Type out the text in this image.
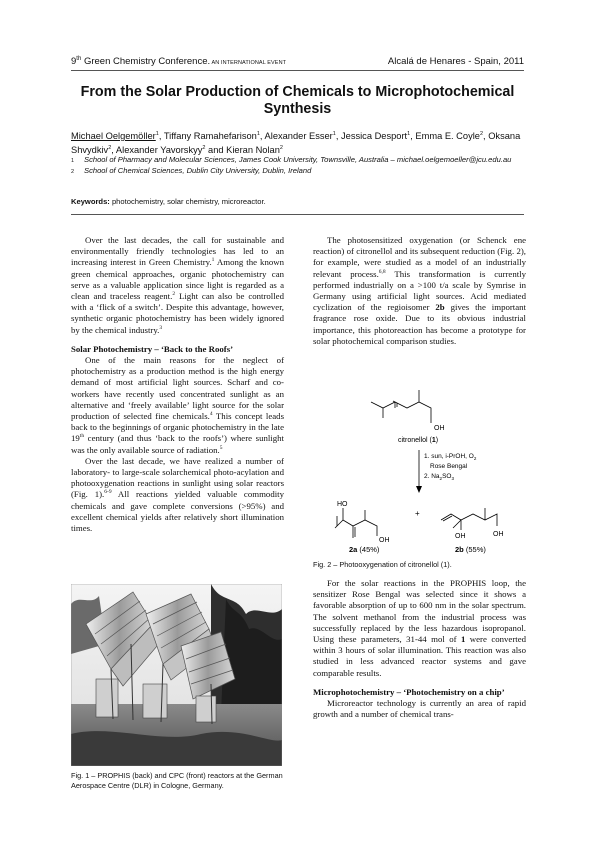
9th Green Chemistry Conference. AN INTERNATIONAL EVENT	Alcalá de Henares - Spain, 2011
From the Solar Production of Chemicals to Microphotochemical Synthesis
Michael Oelgemöller$^1$, Tiffany Ramahefarison$^1$, Alexander Esser$^1$, Jessica Desport$^1$, Emma E. Coyle$^2$, Oksana Shvydkiv$^2$, Alexander Yavorskyy$^2$ and Kieran Nolan$^2$
1 School of Pharmacy and Molecular Sciences, James Cook University, Townsville, Australia – michael.oelgemoeller@jcu.edu.au
2 School of Chemical Sciences, Dublin City University, Dublin, Ireland
Keywords: photochemistry, solar chemistry, microreactor.

Over the last decades, the call for sustainable and environmentally friendly technologies has led to an increasing interest in Green Chemistry.$^1$ Among the known green chemical approaches, organic photochemistry can serve as a valuable application since light is regarded as a clean and traceless reagent.$^2$ Light can also be controlled with a ‘flick of a switch’. Despite this advantage, however, synthetic organic photochemistry has been widely ignored by the chemical industry.$^3$

Solar Photochemistry – ‘Back to the Roofs’

One of the main reasons for the neglect of photochemistry as a production method is the high energy demand of most artificial light sources. Scharf and co-workers have recently used concentrated sunlight as an alternative and ‘freely available’ light source for the solar production of selected fine chemicals.$^4$ This concept leads back to the beginnings of organic photochemistry in the late 19th century (and thus ‘back to the roofs’) where sunlight was the only available source of radiation.$^5$

Over the last decade, we have realized a number of laboratory- to large-scale solarchemical photo-acylation and photooxygenation reactions in sunlight using solar reactors (Fig. 1).$^{6-9}$ All reactions yielded valuable commodity chemicals and gave complete conversions (>95%) and excellent chemical yields after relatively short illumination times.

Fig. 1 – PROPHIS (back) and CPC (front) reactors at the German Aerospace Centre (DLR) in Cologne, Germany.

The photosensitized oxygenation (or Schenck ene reaction) of citronellol and its subsequent reduction (Fig. 2), for example, were studied as a model of an industrially relevant process.$^{6,8}$ This transformation is currently performed industrially on a >100 t/a scale by Symrise in Germany using artificial light sources. Acid mediated cyclization of the regioisomer 2b gives the important fragrance rose oxide. Due to its obvious industrial importance, this photoreaction has become a prototype for solar photochemical comparison studies.

OH
citronellol (1)
1. sun, i-PrOH, $O_2$
Rose Bengal
2. $Na_2SO_3$
HO
OH
+
OH	OH
2a (45%)	2b (55%)
Fig. 2 – Photooxygenation of citronellol (1).

For the solar reactions in the PROPHIS loop, the sensitizer Rose Bengal was selected since it shows a favorable absorption of up to 600 nm in the solar spectrum. The solvent methanol from the industrial process was successfully replaced by the less hazardous isopropanol. Using these parameters, 31-44 mol of 1 were converted within 3 hours of solar illumination. This reaction was also studied in less advanced reactor systems and gave comparable results.

Microphotochemistry – ‘Photochemistry on a chip’

Microreactor technology is currently an area of rapid growth and a number of chemical trans-
